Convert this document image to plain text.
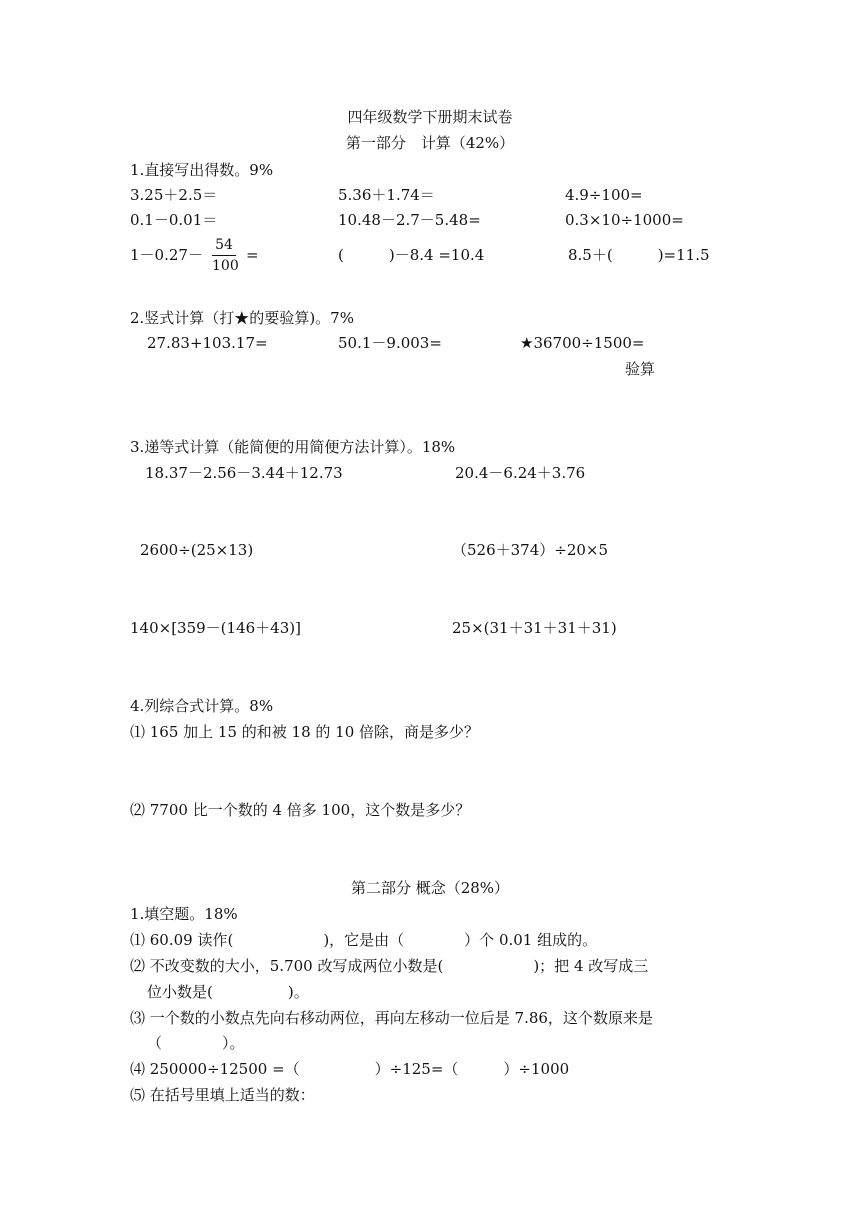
四年级数学下册期末试卷
第一部分　计算（42%）
1.直接写出得数。9%
3.25＋2.5＝	5.36＋1.74＝	4.9÷100=
0.1－0.01＝	10.48－2.7－5.48=	0.3×10÷1000=
$1-0.27- \frac{54}{100}$ =	(　　　)－8.4 =10.4	8.5＋(　　　)=11.5
2.竖式计算（打★的要验算)。7%
27.83+103.17=	50.1－9.003=	★36700÷1500=
验算
3.递等式计算（能简便的用简便方法计算）。18%
18.37－2.56－3.44＋12.73	20.4－6.24＋3.76
2600÷(25×13)	（526＋374）÷20×5
140×[359－(146＋43)]	25×(31＋31＋31＋31)
4.列综合式计算。8%
⑴ 165 加上 15 的和被 18 的 10 倍除，商是多少？
⑵ 7700 比一个数的 4 倍多 100，这个数是多少？
第二部分 概念（28%）
1.填空题。18%
⑴ 60.09 读作(　　　　　　)，它是由（　　　　）个 0.01 组成的。
⑵ 不改变数的大小，5.700 改写成两位小数是(　　　　　　)；把 4 改写成三
位小数是(　　　　　)。
⑶ 一个数的小数点先向右移动两位，再向左移动一位后是 7.86，这个数原来是
（　　　　）。
⑷ 250000÷12500 =（　　　　　）÷125=（　　　）÷1000
⑸ 在括号里填上适当的数：
